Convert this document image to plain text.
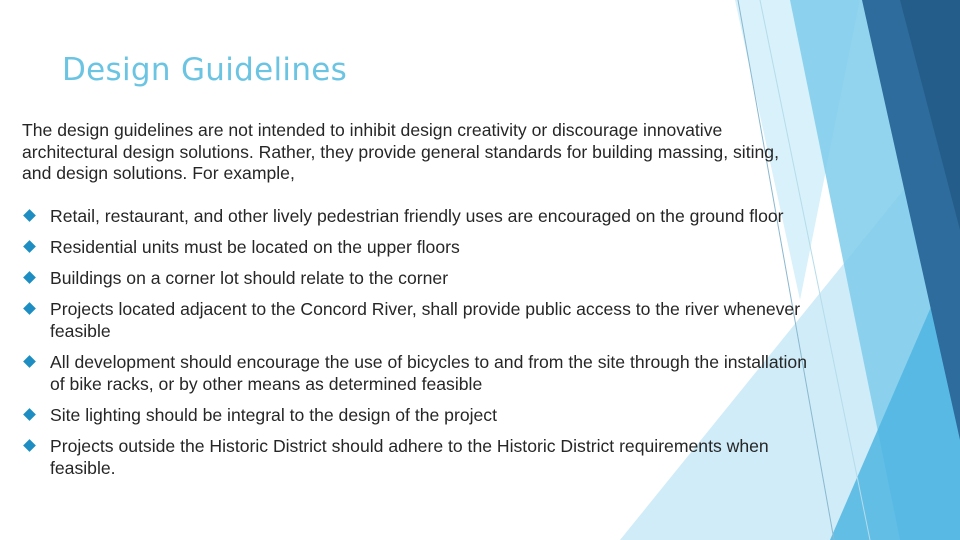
Design Guidelines

The design guidelines are not intended to inhibit design creativity or discourage innovative architectural design solutions. Rather, they provide general standards for building massing, siting, and design solutions. For example,

Retail, restaurant, and other lively pedestrian friendly uses are encouraged on the ground floor
Residential units must be located on the upper floors
Buildings on a corner lot should relate to the corner
Projects located adjacent to the Concord River, shall provide public access to the river whenever feasible
All development should encourage the use of bicycles to and from the site through the installation of bike racks, or by other means as determined feasible
Site lighting should be integral to the design of the project
Projects outside the Historic District should adhere to the Historic District requirements when feasible.
